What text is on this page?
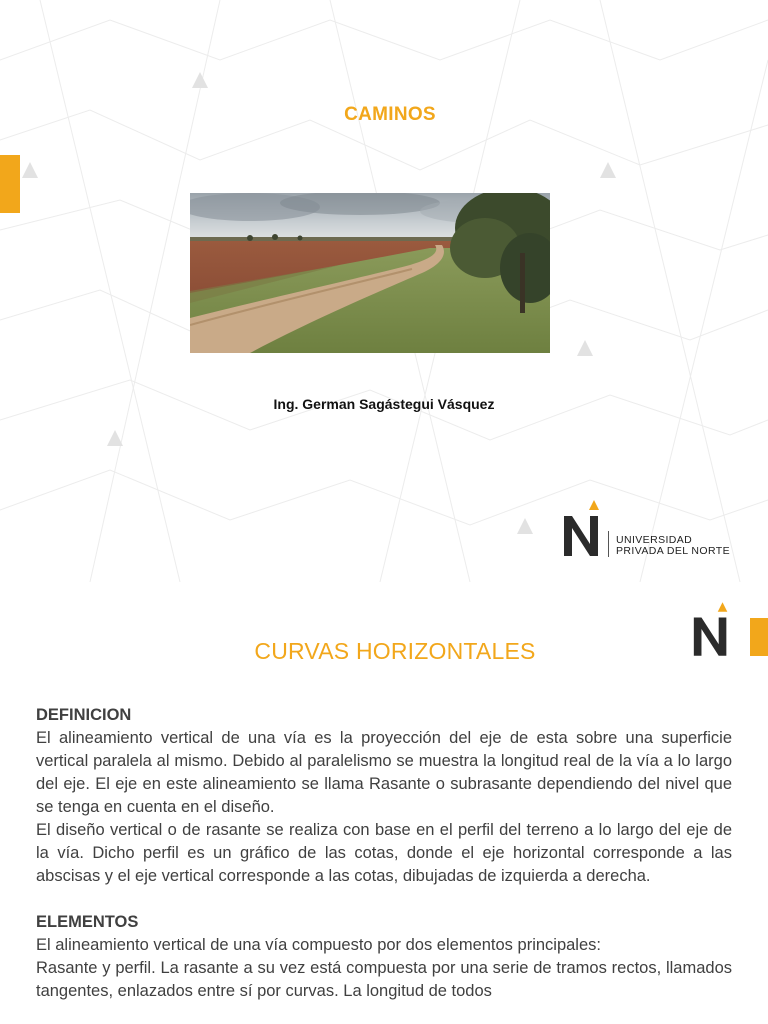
CAMINOS
Ing. German Sagástegui Vásquez
UNIVERSIDAD
PRIVADA DEL NORTE
CURVAS HORIZONTALES

DEFINICION

El alineamiento vertical de una vía es la proyección del eje de esta sobre una superficie vertical paralela al mismo. Debido al paralelismo se muestra la longitud real de la vía a lo largo del eje. El eje en este alineamiento se llama Rasante o subrasante dependiendo del nivel que se tenga en cuenta en el diseño.

El diseño vertical o de rasante se realiza con base en el perfil del terreno a lo largo del eje de la vía. Dicho perfil es un gráfico de las cotas, donde el eje horizontal corresponde a las abscisas y el eje vertical corresponde a las cotas, dibujadas de izquierda a derecha.

ELEMENTOS

El alineamiento vertical de una vía compuesto por dos elementos principales:

Rasante y perfil. La rasante a su vez está compuesta por una serie de tramos rectos, llamados tangentes, enlazados entre sí por curvas. La longitud de todos
